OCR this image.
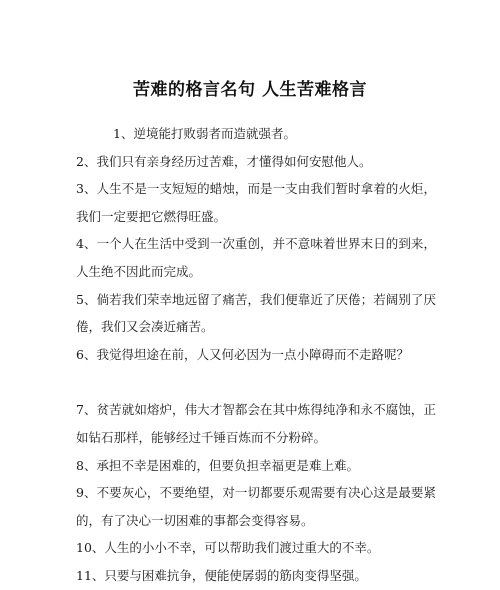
苦难的格言名句 人生苦难格言

1、逆境能打败弱者而造就强者。

2、我们只有亲身经历过苦难，才懂得如何安慰他人。

3、人生不是一支短短的蜡烛，而是一支由我们暂时拿着的火炬，我们一定要把它燃得旺盛。

4、一个人在生活中受到一次重创，并不意味着世界末日的到来，人生绝不因此而完成。

5、倘若我们荣幸地远留了痛苦，我们便靠近了厌倦；若阔别了厌倦，我们又会凑近痛苦。

6、我觉得坦途在前，人又何必因为一点小障碍而不走路呢？

7、贫苦就如熔炉，伟大才智都会在其中炼得纯净和永不腐蚀，正如钻石那样，能够经过千锤百炼而不分粉碎。

8、承担不幸是困难的，但要负担幸福更是难上难。

9、不要灰心，不要绝望，对一切都要乐观需要有决心这是最要紧的，有了决心一切困难的事都会变得容易。

10、人生的小小不幸，可以帮助我们渡过重大的不幸。

11、只要与困难抗争，便能使孱弱的筋肉变得坚强。
